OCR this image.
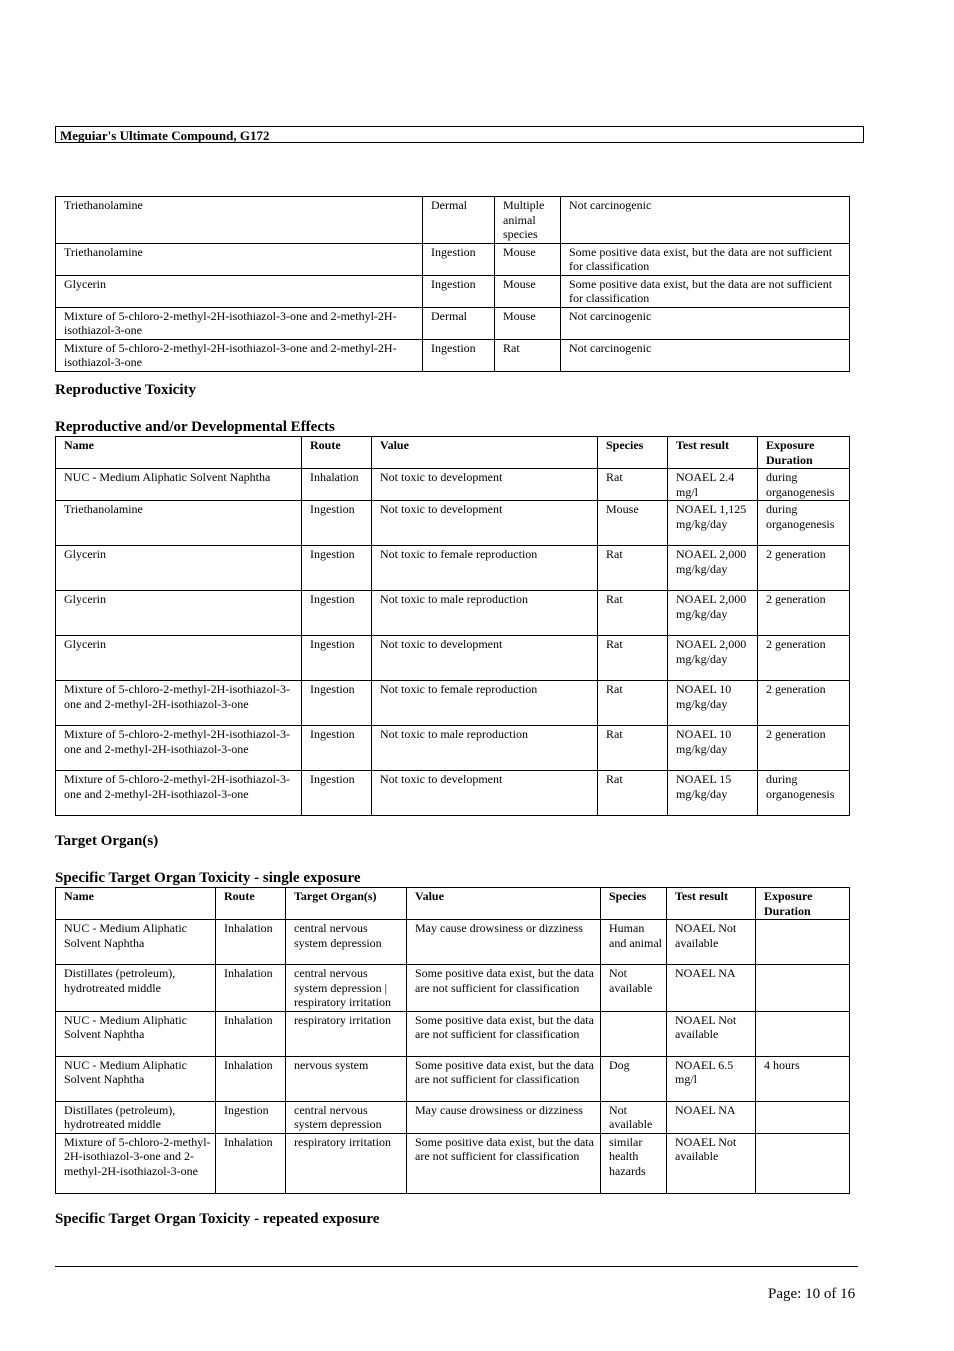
Meguiar's Ultimate Compound, G172
Triethanolamine	Dermal	Multiple animal species	Not carcinogenic
Triethanolamine	Ingestion	Mouse	Some positive data exist, but the data are not sufficient for classification
Glycerin	Ingestion	Mouse	Some positive data exist, but the data are not sufficient for classification
Mixture of 5-chloro-2-methyl-2H-isothiazol-3-one and 2-methyl-2H-isothiazol-3-one	Dermal	Mouse	Not carcinogenic
Mixture of 5-chloro-2-methyl-2H-isothiazol-3-one and 2-methyl-2H-isothiazol-3-one	Ingestion	Rat	Not carcinogenic
Reproductive Toxicity
Reproductive and/or Developmental Effects
Name	Route	Value	Species	Test result	Exposure Duration
NUC - Medium Aliphatic Solvent Naphtha	Inhalation	Not toxic to development	Rat	NOAEL 2.4 mg/l	during organogenesis
Triethanolamine	Ingestion	Not toxic to development	Mouse	NOAEL 1,125 mg/kg/day	during organogenesis
Glycerin	Ingestion	Not toxic to female reproduction	Rat	NOAEL 2,000 mg/kg/day	2 generation
Glycerin	Ingestion	Not toxic to male reproduction	Rat	NOAEL 2,000 mg/kg/day	2 generation
Glycerin	Ingestion	Not toxic to development	Rat	NOAEL 2,000 mg/kg/day	2 generation
Mixture of 5-chloro-2-methyl-2H-isothiazol-3-one and 2-methyl-2H-isothiazol-3-one	Ingestion	Not toxic to female reproduction	Rat	NOAEL 10 mg/kg/day	2 generation
Mixture of 5-chloro-2-methyl-2H-isothiazol-3-one and 2-methyl-2H-isothiazol-3-one	Ingestion	Not toxic to male reproduction	Rat	NOAEL 10 mg/kg/day	2 generation
Mixture of 5-chloro-2-methyl-2H-isothiazol-3-one and 2-methyl-2H-isothiazol-3-one	Ingestion	Not toxic to development	Rat	NOAEL 15 mg/kg/day	during organogenesis
Target Organ(s)
Specific Target Organ Toxicity - single exposure
Name	Route	Target Organ(s)	Value	Species	Test result	Exposure Duration
NUC - Medium Aliphatic Solvent Naphtha	Inhalation	central nervous system depression	May cause drowsiness or dizziness	Human and animal	NOAEL Not available	
Distillates (petroleum), hydrotreated middle	Inhalation	central nervous system depression | respiratory irritation	Some positive data exist, but the data are not sufficient for classification	Not available	NOAEL NA	
NUC - Medium Aliphatic Solvent Naphtha	Inhalation	respiratory irritation	Some positive data exist, but the data are not sufficient for classification		NOAEL Not available	
NUC - Medium Aliphatic Solvent Naphtha	Inhalation	nervous system	Some positive data exist, but the data are not sufficient for classification	Dog	NOAEL 6.5 mg/l	4 hours
Distillates (petroleum), hydrotreated middle	Ingestion	central nervous system depression	May cause drowsiness or dizziness	Not available	NOAEL NA	
Mixture of 5-chloro-2-methyl-2H-isothiazol-3-one and 2-methyl-2H-isothiazol-3-one	Inhalation	respiratory irritation	Some positive data exist, but the data are not sufficient for classification	similar health hazards	NOAEL Not available	
Specific Target Organ Toxicity - repeated exposure
Page: 10 of 16
